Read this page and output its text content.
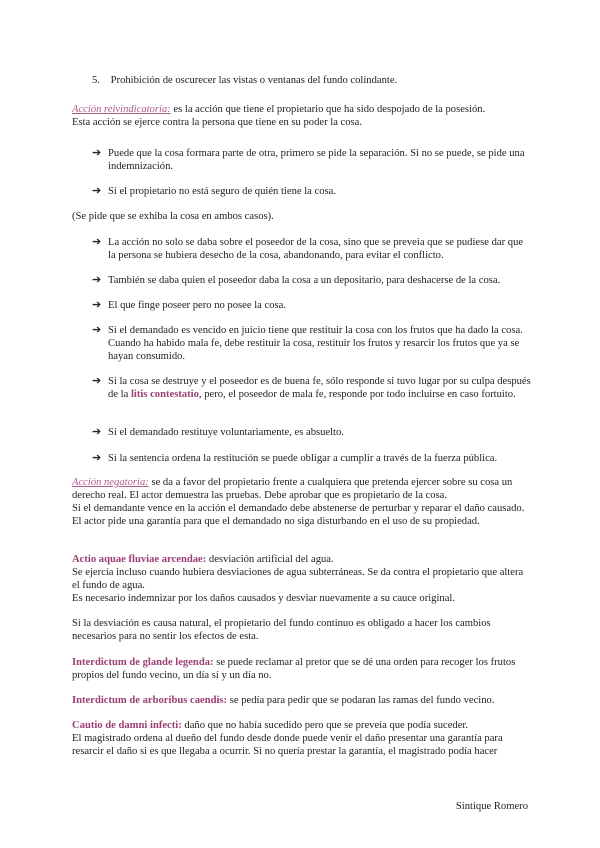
5. Prohibición de oscurecer las vistas o ventanas del fundo colindante.
Acción reivindicatoria: es la acción que tiene el propietario que ha sido despojado de la posesión.
Esta acción se ejerce contra la persona que tiene en su poder la cosa.
➔ Puede que la cosa formara parte de otra, primero se pide la separación. Si no se puede, se pide una indemnización.
➔ Si el propietario no está seguro de quién tiene la cosa.
(Se pide que se exhiba la cosa en ambos casos).
➔ La acción no solo se daba sobre el poseedor de la cosa, sino que se preveía que se pudiese dar que la persona se hubiera desecho de la cosa, abandonando, para evitar el conflicto.
➔ También se daba quien el poseedor daba la cosa a un depositario, para deshacerse de la cosa.
➔ El que finge poseer pero no posee la cosa.
➔ Si el demandado es vencido en juicio tiene que restituir la cosa con los frutos que ha dado la cosa. Cuando ha habido mala fe, debe restituir la cosa, restituir los frutos y resarcir los frutos que ya se hayan consumido.
➔ Si la cosa se destruye y el poseedor es de buena fe, sólo responde si tuvo lugar por su culpa después de la litis contestatio, pero, el poseedor de mala fe, responde por todo incluirse en caso fortuito.
➔ Si el demandado restituye voluntariamente, es absuelto.
➔ Si la sentencia ordena la restitución se puede obligar a cumplir a través de la fuerza pública.
Acción negatoria: se da a favor del propietario frente a cualquiera que pretenda ejercer sobre su cosa un derecho real. El actor demuestra las pruebas. Debe aprobar que es propietario de la cosa.
Si el demandante vence en la acción el demandado debe abstenerse de perturbar y reparar el daño causado. El actor pide una garantía para que el demandado no siga disturbando en el uso de su propiedad.
Actio aquae fluviae arcendae: desviación artificial del agua.
Se ejercía incluso cuando hubiera desviaciones de agua subterráneas. Se da contra el propietario que altera el fundo de agua.
Es necesario indemnizar por los daños causados y desviar nuevamente a su cauce original.
Si la desviación es causa natural, el propietario del fundo continuo es obligado a hacer los cambios necesarios para no sentir los efectos de esta.
Interdictum de glande legenda: se puede reclamar al pretor que se dé una orden para recoger los frutos propios del fundo vecino, un día sí y un día no.
Interdictum de arboribus caendis: se pedía para pedir que se podaran las ramas del fundo vecino.
Cautio de damni infecti: daño que no había sucedido pero que se preveía que podía suceder.
El magistrado ordena al dueño del fundo desde donde puede venir el daño presentar una garantía para resarcir el daño si es que llegaba a ocurrir. Si no quería prestar la garantía, el magistrado podía hacer
Sintique Romero
